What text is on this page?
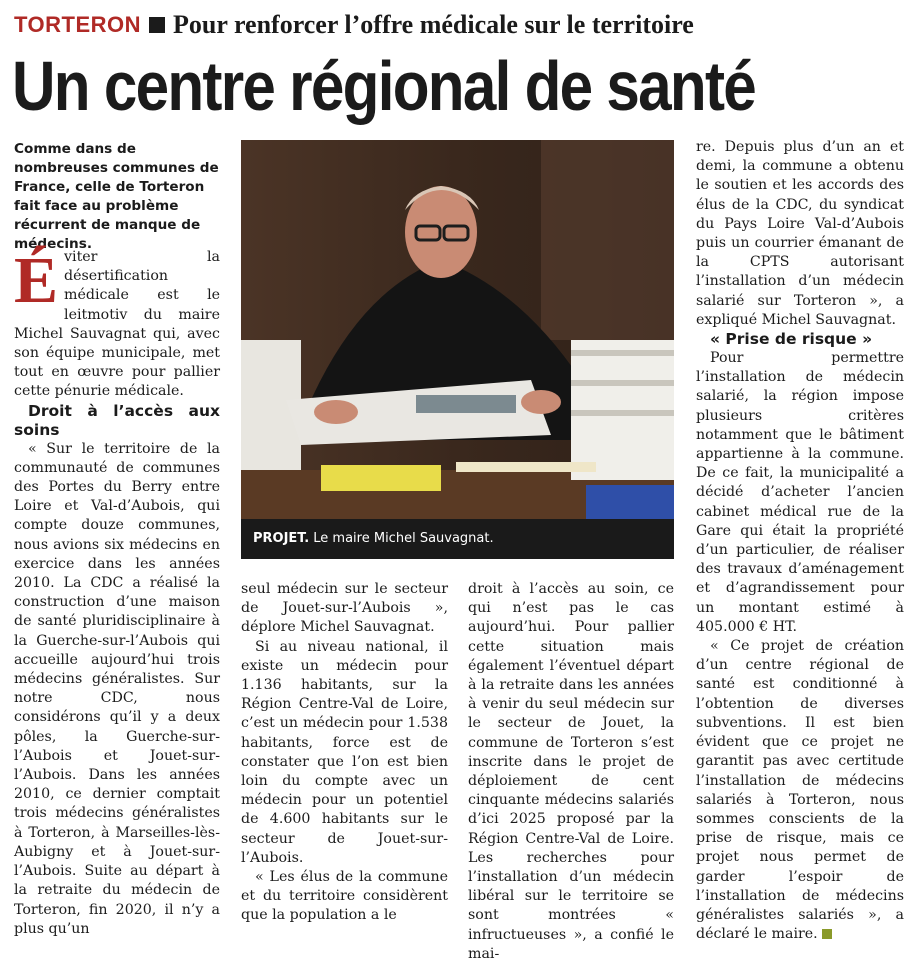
TORTERON Pour renforcer l’offre médicale sur le territoire
Un centre régional de santé
Comme dans de nombreuses communes de France, celle de Torteron fait face au problème récurrent de manque de médecins.

Éviter la désertification médicale est le leitmotiv du maire Michel Sauvagnat qui, avec son équipe municipale, met tout en œuvre pour pallier cette pénurie médicale.

Droit à l’accès aux soins

« Sur le territoire de la communauté de communes des Portes du Berry entre Loire et Val-d’Aubois, qui compte douze communes, nous avions six médecins en exercice dans les années 2010. La CDC a réalisé la construction d’une maison de santé pluridisciplinaire à la Guerche-sur-l’Aubois qui accueille aujourd’hui trois médecins généralistes. Sur notre CDC, nous considérons qu’il y a deux pôles, la Guerche-sur-l’Aubois et Jouet-sur-l’Aubois. Dans les années 2010, ce dernier comptait trois médecins généralistes à Torteron, à Marseilles-lès-Aubigny et à Jouet-sur-l’Aubois. Suite au départ à la retraite du médecin de Torteron, fin 2020, il n’y a plus qu’un

PROJET. Le maire Michel Sauvagnat.

seul médecin sur le secteur de Jouet-sur-l’Aubois », déplore Michel Sauvagnat.

Si au niveau national, il existe un médecin pour 1.136 habitants, sur la Région Centre-Val de Loire, c’est un médecin pour 1.538 habitants, force est de constater que l’on est bien loin du compte avec un médecin pour un potentiel de 4.600 habitants sur le secteur de Jouet-sur-l’Aubois.

« Les élus de la commune et du territoire considèrent que la population a le

droit à l’accès au soin, ce qui n’est pas le cas aujourd’hui. Pour pallier cette situation mais également l’éventuel départ à la retraite dans les années à venir du seul médecin sur le secteur de Jouet, la commune de Torteron s’est inscrite dans le projet de déploiement de cent cinquante médecins salariés d’ici 2025 proposé par la Région Centre-Val de Loire. Les recherches pour l’installation d’un médecin libéral sur le territoire se sont montrées « infructueuses », a confié le mai-

re. Depuis plus d’un an et demi, la commune a obtenu le soutien et les accords des élus de la CDC, du syndicat du Pays Loire Val-d’Aubois puis un courrier émanant de la CPTS autorisant l’installation d’un médecin salarié sur Torteron », a expliqué Michel Sauvagnat.

« Prise de risque »

Pour permettre l’installation de médecin salarié, la région impose plusieurs critères notamment que le bâtiment appartienne à la commune. De ce fait, la municipalité a décidé d’acheter l’ancien cabinet médical rue de la Gare qui était la propriété d’un particulier, de réaliser des travaux d’aménagement et d’agrandissement pour un montant estimé à 405.000 € HT.

« Ce projet de création d’un centre régional de santé est conditionné à l’obtention de diverses subventions. Il est bien évident que ce projet ne garantit pas avec certitude l’installation de médecins salariés à Torteron, nous sommes conscients de la prise de risque, mais ce projet nous permet de garder l’espoir de l’installation de médecins généralistes salariés », a déclaré le maire.
